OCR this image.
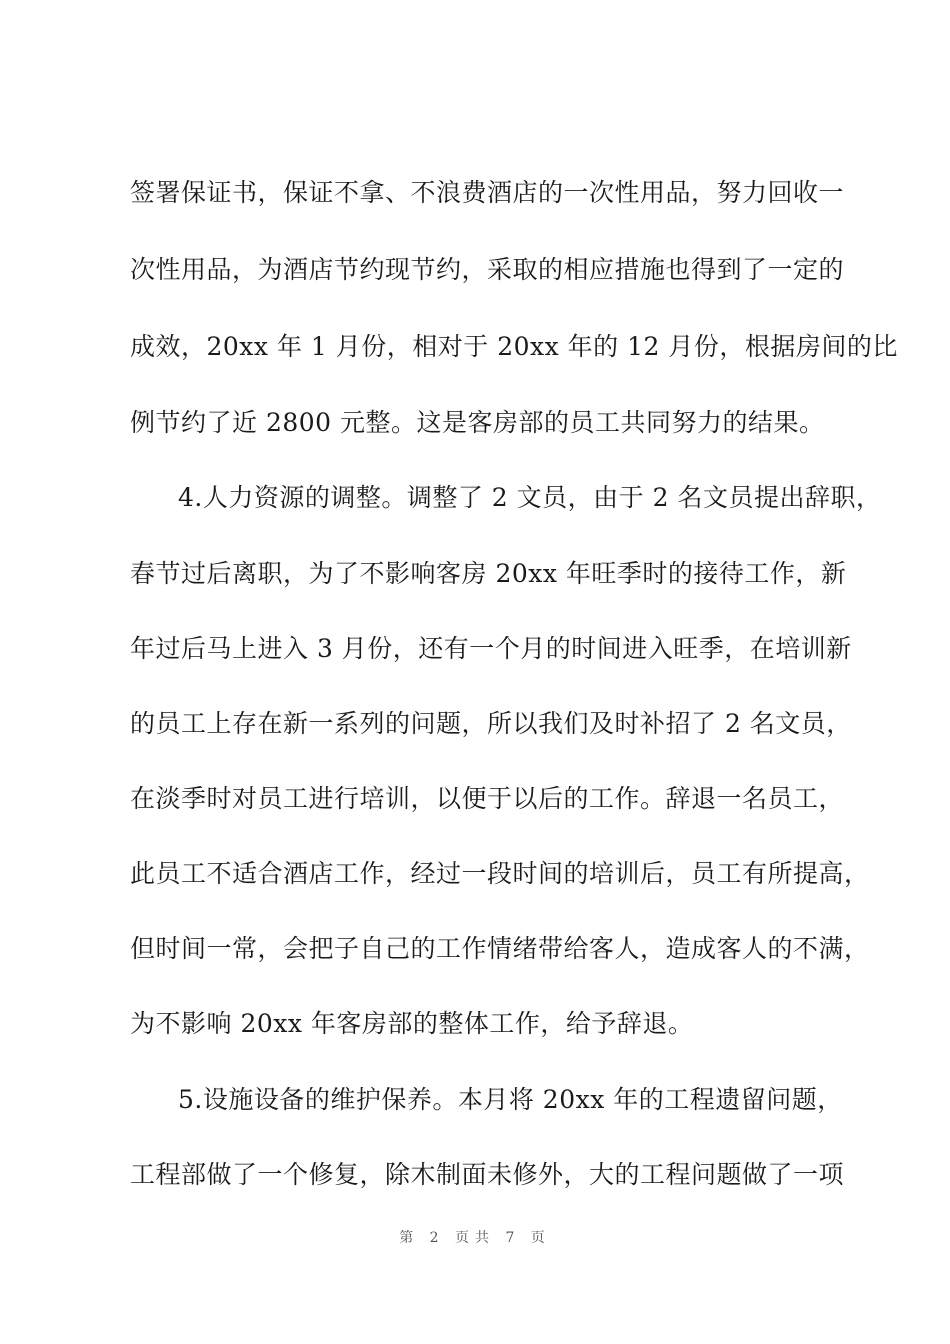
签署保证书，保证不拿、不浪费酒店的一次性用品，努力回收一
次性用品，为酒店节约现节约，采取的相应措施也得到了一定的
成效，20xx 年 1 月份，相对于 20xx 年的 12 月份，根据房间的比
例节约了近 2800 元整。这是客房部的员工共同努力的结果。
4.人力资源的调整。调整了 2 文员，由于 2 名文员提出辞职，
春节过后离职，为了不影响客房 20xx 年旺季时的接待工作，新
年过后马上进入 3 月份，还有一个月的时间进入旺季，在培训新
的员工上存在新一系列的问题，所以我们及时补招了 2 名文员，
在淡季时对员工进行培训，以便于以后的工作。辞退一名员工，
此员工不适合酒店工作，经过一段时间的培训后，员工有所提高，
但时间一常，会把子自己的工作情绪带给客人，造成客人的不满，
为不影响 20xx 年客房部的整体工作，给予辞退。
5.设施设备的维护保养。本月将 20xx 年的工程遗留问题，
工程部做了一个修复，除木制面未修外，大的工程问题做了一项
第 2 页共 7 页
